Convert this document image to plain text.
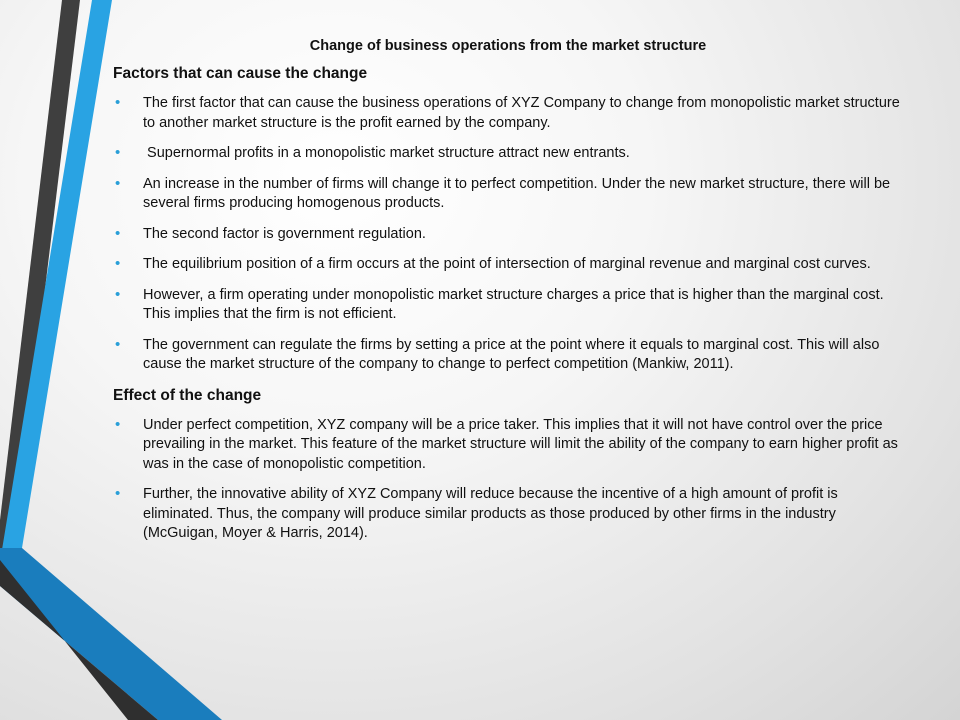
Change of business operations from the market structure
Factors that can cause the change
• The first factor that can cause the business operations of XYZ Company to change from monopolistic market structure to another market structure is the profit earned by the company.
• Supernormal profits in a monopolistic market structure attract new entrants.
• An increase in the number of firms will change it to perfect competition. Under the new market structure, there will be several firms producing homogenous products.
• The second factor is government regulation.
• The equilibrium position of a firm occurs at the point of intersection of marginal revenue and marginal cost curves.
• However, a firm operating under monopolistic market structure charges a price that is higher than the marginal cost. This implies that the firm is not efficient.
• The government can regulate the firms by setting a price at the point where it equals to marginal cost. This will also cause the market structure of the company to change to perfect competition (Mankiw, 2011).
Effect of the change
• Under perfect competition, XYZ company will be a price taker. This implies that it will not have control over the price prevailing in the market. This feature of the market structure will limit the ability of the company to earn higher profit as was in the case of monopolistic competition.
• Further, the innovative ability of XYZ Company will reduce because the incentive of a high amount of profit is eliminated. Thus, the company will produce similar products as those produced by other firms in the industry (McGuigan, Moyer & Harris, 2014).
